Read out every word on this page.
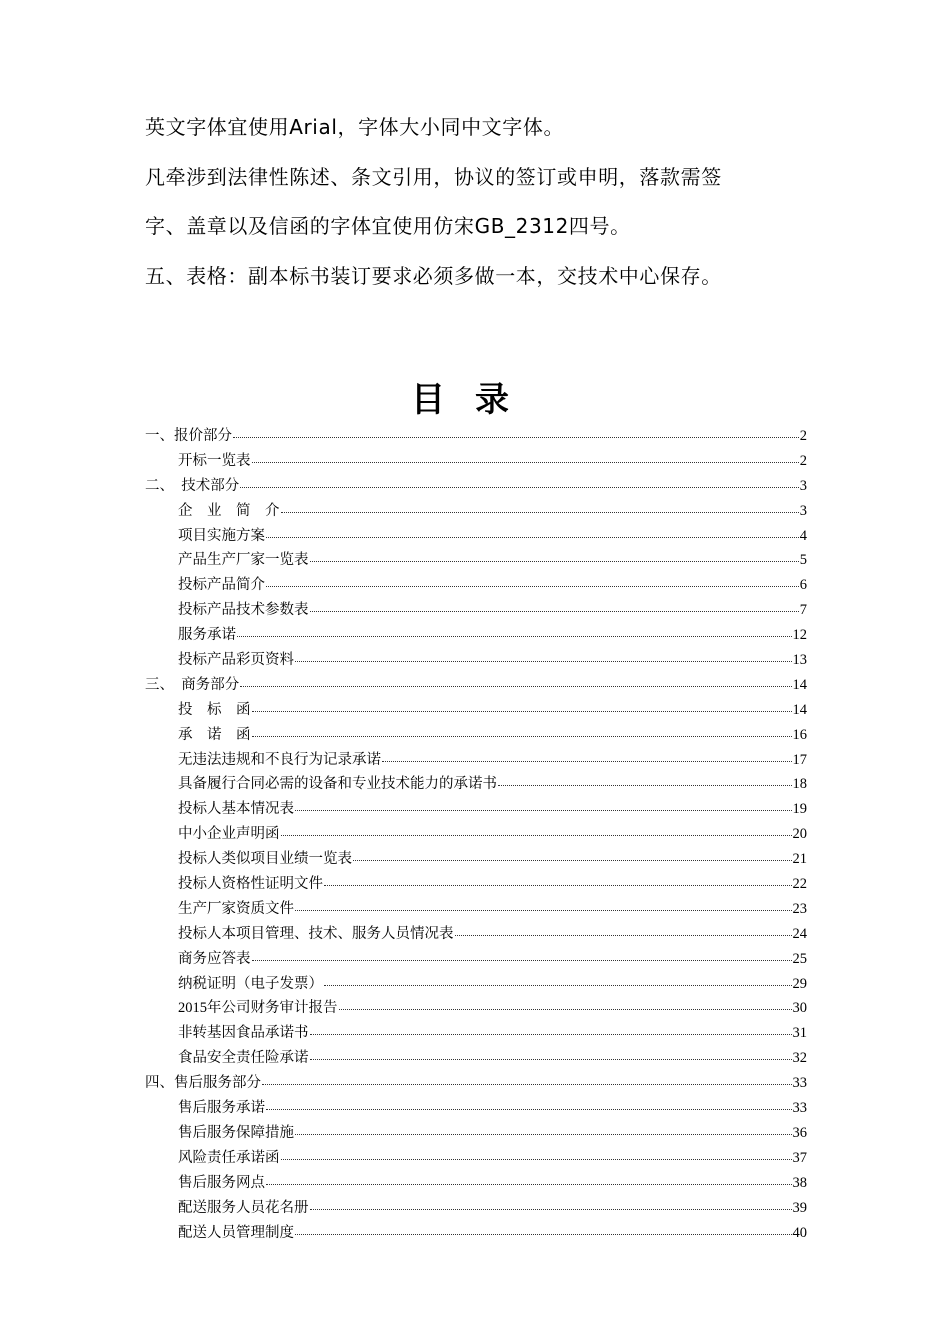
英文字体宜使用Arial，字体大小同中文字体。
凡牵涉到法律性陈述、条文引用，协议的签订或申明，落款需签
字、盖章以及信函的字体宜使用仿宋GB_2312四号。
五、表格：副本标书装订要求必须多做一本，交技术中心保存。
目录
一、报价部分	2
开标一览表	2
二、　技术部分	3
企　业　简　介	3
项目实施方案	4
产品生产厂家一览表	5
投标产品简介	6
投标产品技术参数表	7
服务承诺	12
投标产品彩页资料	13
三、　商务部分	14
投　标　函	14
承　诺　函	16
无违法违规和不良行为记录承诺	17
具备履行合同必需的设备和专业技术能力的承诺书	18
投标人基本情况表	19
中小企业声明函	20
投标人类似项目业绩一览表	21
投标人资格性证明文件	22
生产厂家资质文件	23
投标人本项目管理、技术、服务人员情况表	24
商务应答表	25
纳税证明（电子发票）	29
2015年公司财务审计报告	30
非转基因食品承诺书	31
食品安全责任险承诺	32
四、售后服务部分	33
售后服务承诺	33
售后服务保障措施	36
风险责任承诺函	37
售后服务网点	38
配送服务人员花名册	39
配送人员管理制度	40
